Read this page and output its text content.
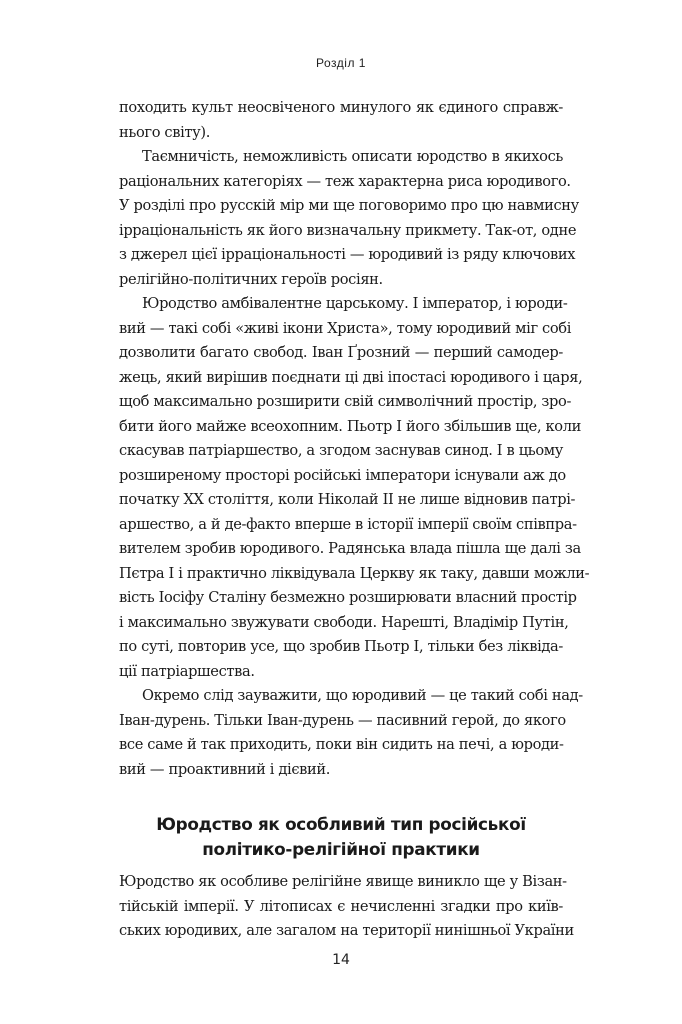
Розділ 1

походить культ неосвіченого минулого як єдиного справж-
нього світу).

Таємничість, неможливість описати юродство в якихось
раціональних категоріях — теж характерна риса юродивого.
У розділі про русскій мір ми ще поговоримо про цю навмисну
ірраціональність як його визначальну прикмету. Так-от, одне
з джерел цієї ірраціональності — юродивий із ряду ключових
релігійно-політичних героїв росіян.

Юродство амбівалентне царському. І імператор, і юроди-
вий — такі собі «живі ікони Христа», тому юродивий міг собі
дозволити багато свобод. Іван Ґрозний — перший самодер-
жець, який вирішив поєднати ці дві іпостасі юродивого і царя,
щоб максимально розширити свій символічний простір, зро-
бити його майже всеохопним. Пьотр І його збільшив ще, коли
скасував патріаршество, а згодом заснував синод. І в цьому
розширеному просторі російські імператори існували аж до
початку ХХ століття, коли Ніколай ІІ не лише відновив патрі-
аршество, а й де-факто вперше в історії імперії своїм співпра-
вителем зробив юродивого. Радянська влада пішла ще далі за
Пєтра І і практично ліквідувала Церкву як таку, давши можли-
вість Іосіфу Сталіну безмежно розширювати власний простір
і максимально звужувати свободи. Нарешті, Владімір Путін,
по суті, повторив усе, що зробив Пьотр І, тільки без ліквіда-
ції патріаршества.

Окремо слід зауважити, що юродивий — це такий собі над-
Іван-дурень. Тільки Іван-дурень — пасивний герой, до якого
все саме й так приходить, поки він сидить на печі, а юроди-
вий — проактивний і дієвий.

Юродство як особливий тип російської
політико-релігійної практики

Юродство як особливе релігійне явище виникло ще у Візан-
тійській імперії. У літописах є нечисленні згадки про київ-
ських юродивих, але загалом на території нинішньої України

14
